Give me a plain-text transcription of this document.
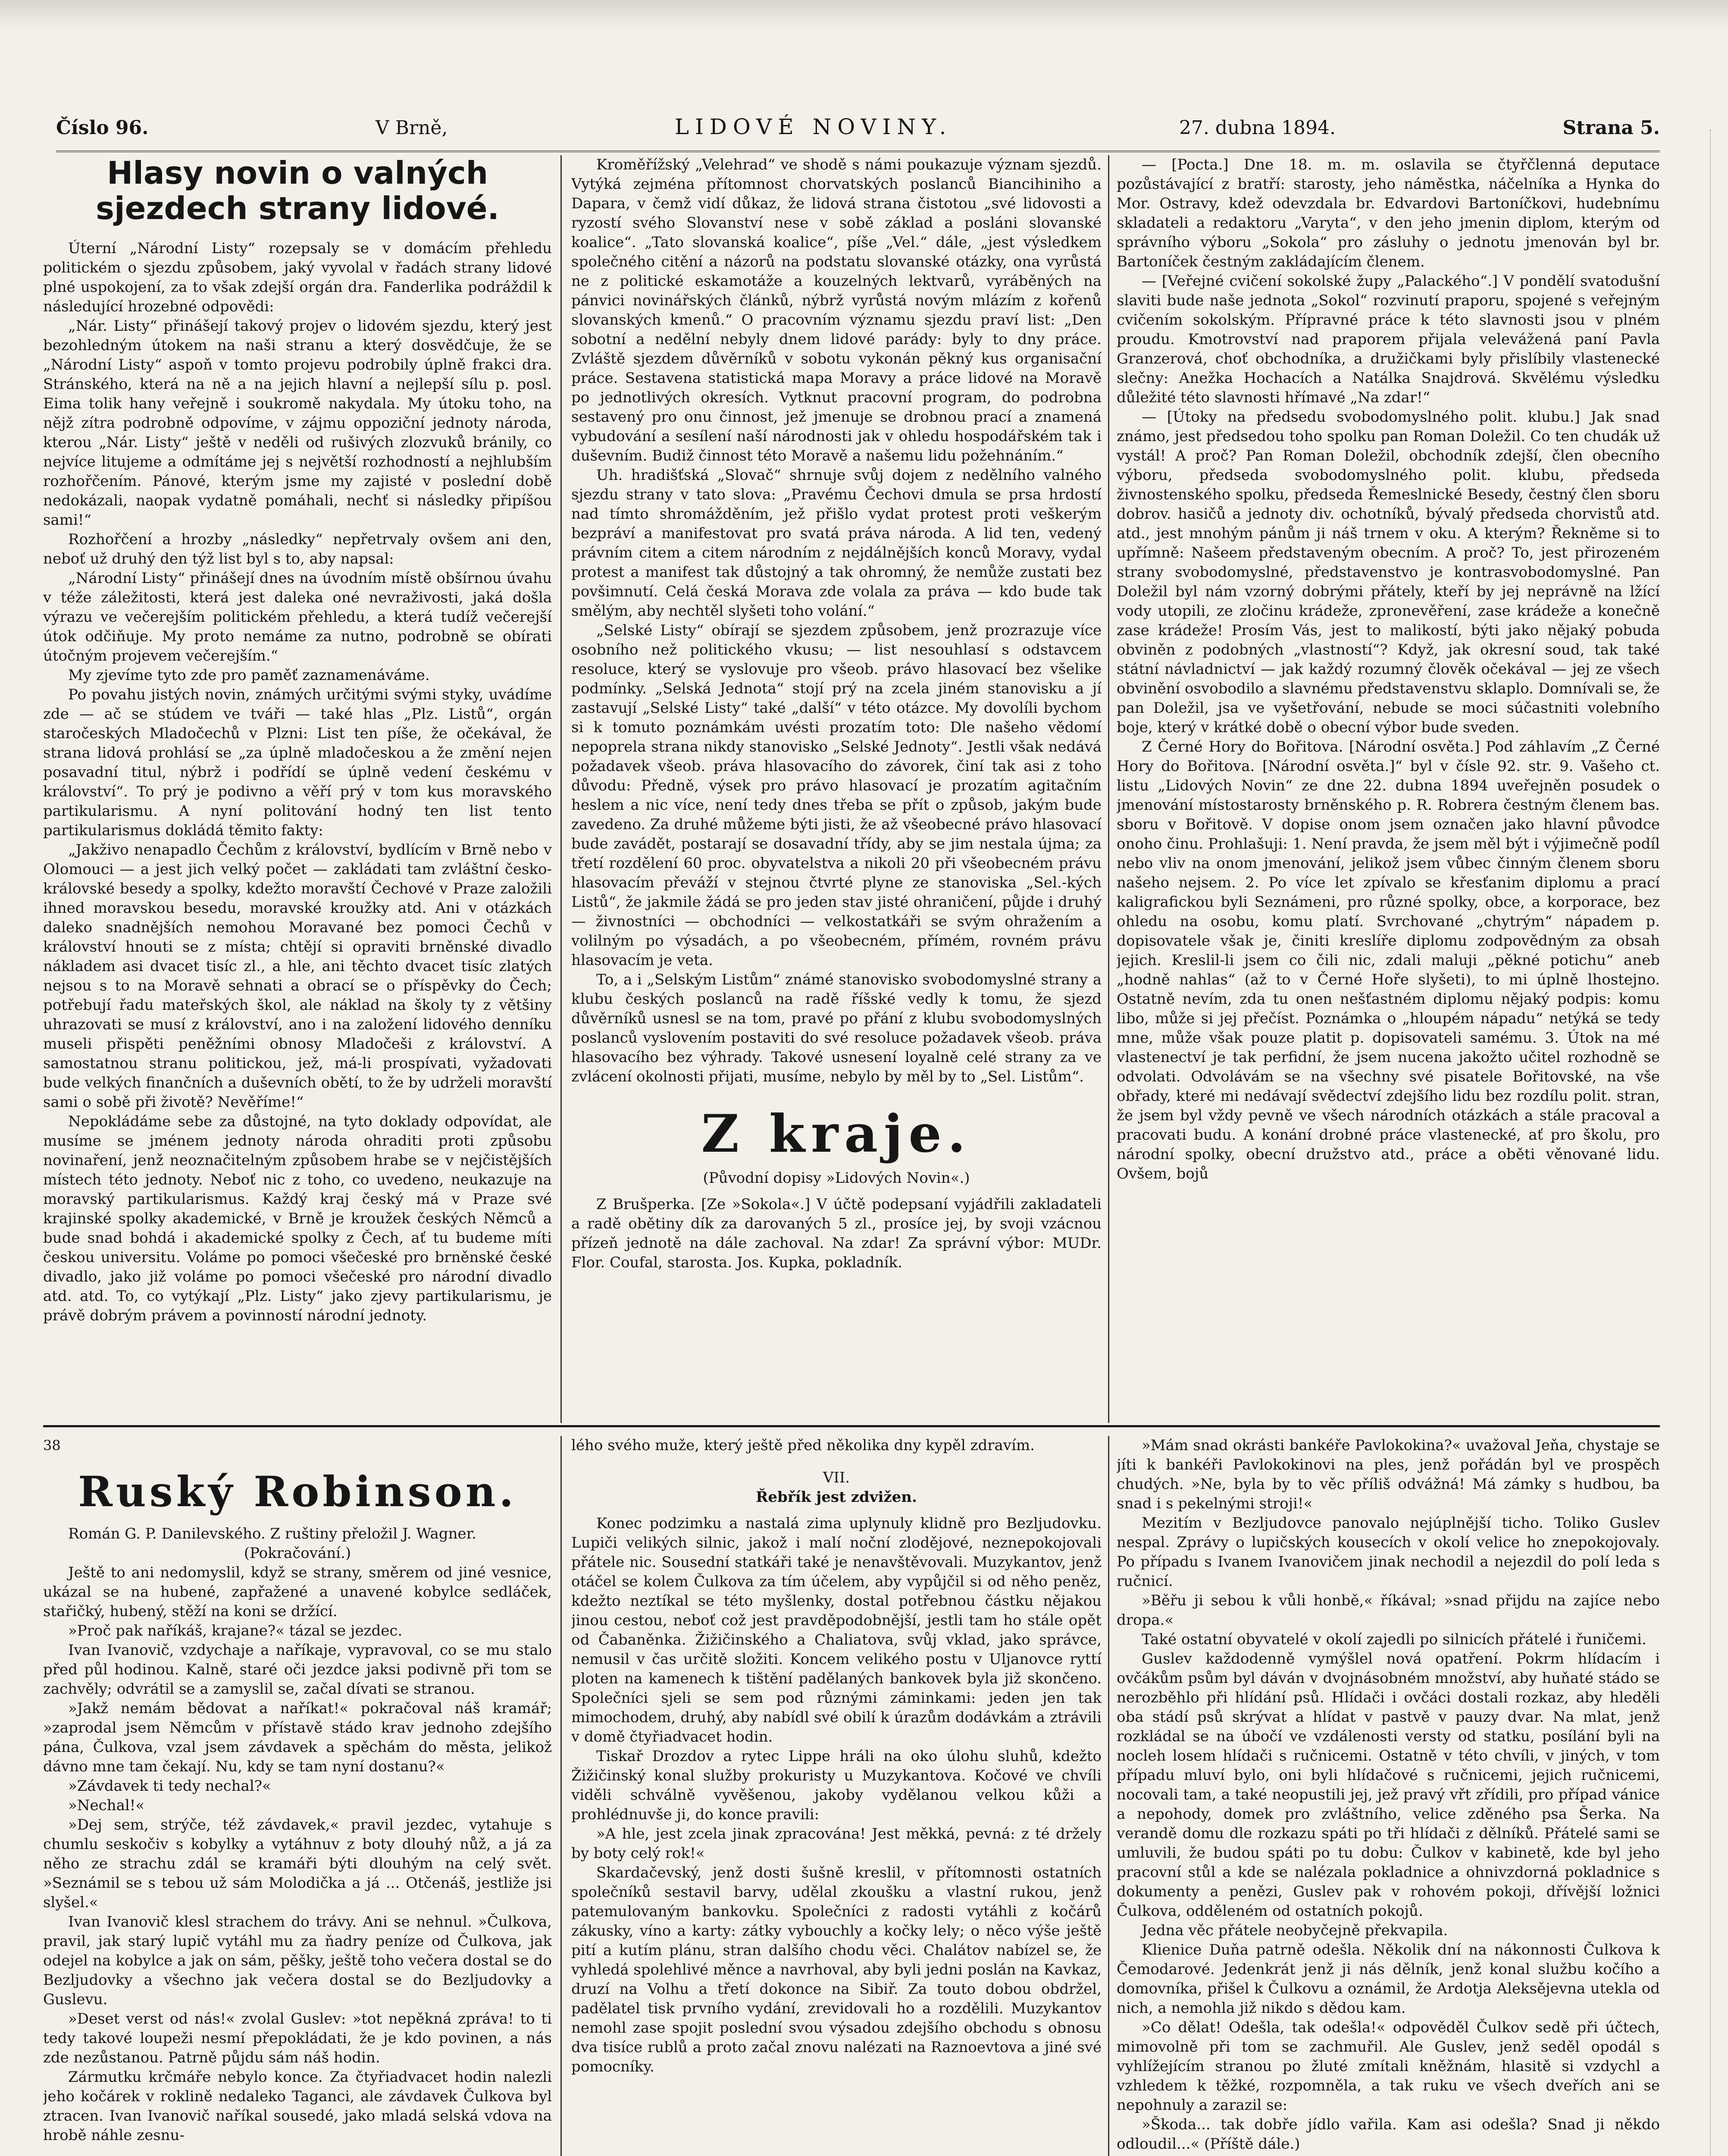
Číslo 96.	V Brně,	LIDOVÉ NOVINY.	27. dubna 1894.	Strana 5.
Hlasy novin o valných sjezdech strany lidové.

Úterní „Národní Listy“ rozepsaly se v domácím přehledu politickém o sjezdu způsobem, jaký vyvolal v řadách strany lidové plné uspokojení, za to však zdejší orgán dra. Fanderlika podráždil k následující hrozebné odpovědi:

„Nár. Listy“ přinášejí takový projev o lidovém sjezdu, který jest bezohledným útokem na naši stranu a který dosvědčuje, že se „Národní Listy“ aspoň v tomto projevu podrobily úplně frakci dra. Stránského, která na ně a na jejich hlavní a nejlepší sílu p. posl. Eima tolik hany veřejně i soukromě nakydala. My útoku toho, na nějž zítra podrobně odpovíme, v zájmu oppoziční jednoty národa, kterou „Nár. Listy“ ještě v neděli od rušivých zlozvuků bránily, co nejvíce litujeme a odmítáme jej s největší rozhodností a nejhlubším rozhořčením. Pánové, kterým jsme my zajisté v poslední době nedokázali, naopak vydatně pomáhali, nechť si následky připíšou sami!“

Rozhořčení a hrozby „následky“ nepřetrvaly ovšem ani den, neboť už druhý den týž list byl s to, aby napsal:

„Národní Listy“ přinášejí dnes na úvodním místě obšírnou úvahu v téže záležitosti, která jest daleka oné nevraživosti, jaká došla výrazu ve večerejším politickém přehledu, a která tudíž večerejší útok odčiňuje. My proto nemáme za nutno, podrobně se obírati útočným projevem večerejším.“

My zjevíme tyto zde pro paměť zaznamenáváme.

Po povahu jistých novin, známých určitými svými styky, uvádíme zde — ač se stúdem ve tváři — také hlas „Plz. Listů“, orgán staročeských Mladočechů v Plzni: List ten píše, že očekával, že strana lidová prohlásí se „za úplně mladočeskou a že změní nejen posavadní titul, nýbrž i podřídí se úplně vedení českému v království“. To prý je podivno a věří prý v tom kus moravského partikularismu. A nyní politování hodný ten list tento partikularismus dokládá těmito fakty:

„Jakživo nenapadlo Čechům z království, bydlícím v Brně nebo v Olomouci — a jest jich velký počet — zakládati tam zvláštní česko-královské besedy a spolky, kdežto moravští Čechové v Praze založili ihned moravskou besedu, moravské kroužky atd. Ani v otázkách daleko snadnějších nemohou Moravané bez pomoci Čechů v království hnouti se z místa; chtějí si opraviti brněnské divadlo nákladem asi dvacet tisíc zl., a hle, ani těchto dvacet tisíc zlatých nejsou s to na Moravě sehnati a obrací se o příspěvky do Čech; potřebují řadu mateřských škol, ale náklad na školy ty z většiny uhrazovati se musí z království, ano i na založení lidového denníku museli přispěti peněžními obnosy Mladočeši z království. A samostatnou stranu politickou, jež, má-li prospívati, vyžadovati bude velkých finančních a duševních obětí, to že by udrželi moravští sami o sobě při životě? Nevěříme!“

Nepokládáme sebe za důstojné, na tyto doklady odpovídat, ale musíme se jménem jednoty národa ohraditi proti způsobu novinaření, jenž neoznačitelným způsobem hrabe se v nejčistějších místech této jednoty. Neboť nic z toho, co uvedeno, neukazuje na moravský partikularismus. Každý kraj český má v Praze své krajinské spolky akademické, v Brně je kroužek českých Němců a bude snad bohdá i akademické spolky z Čech, ať tu budeme míti českou universitu. Voláme po pomoci všečeské pro brněnské české divadlo, jako již voláme po pomoci všečeské pro národní divadlo atd. atd. To, co vytýkají „Plz. Listy“ jako zjevy partikularismu, je právě dobrým právem a povinností národní jednoty.

Kroměřížský „Velehrad“ ve shodě s námi poukazuje význam sjezdů. Vytýká zejména přítomnost chorvatských poslanců Biancihiniho a Dapara, v čemž vidí důkaz, že lidová strana čistotou „své lidovosti a ryzostí svého Slovanství nese v sobě základ a posláni slovanské koalice“. „Tato slovanská koalice“, píše „Vel.“ dále, „jest výsledkem společného citění a názorů na podstatu slovanské otázky, ona vyrůstá ne z politické eskamotáže a kouzelných lektvarů, vyráběných na pánvici novinářských článků, nýbrž vyrůstá novým mlázím z kořenů slovanských kmenů.“ O pracovním významu sjezdu praví list: „Den sobotní a nedělní nebyly dnem lidové parády: byly to dny práce. Zvláště sjezdem důvěrníků v sobotu vykonán pěkný kus organisační práce. Sestavena statistická mapa Moravy a práce lidové na Moravě po jednotlivých okresích. Vytknut pracovní program, do podrobna sestavený pro onu činnost, jež jmenuje se drobnou prací a znamená vybudování a sesílení naší národnosti jak v ohledu hospodářském tak i duševním. Budiž činnost této Moravě a našemu lidu požehnáním.“

Uh. hradišťská „Slovač“ shrnuje svůj dojem z nedělního valného sjezdu strany v tato slova: „Pravému Čechovi dmula se prsa hrdostí nad tímto shromážděním, jež přišlo vydat protest proti veškerým bezpráví a manifestovat pro svatá práva národa. A lid ten, vedený právním citem a citem národním z nejdálnějších konců Moravy, vydal protest a manifest tak důstojný a tak ohromný, že nemůže zustati bez povšimnutí. Celá česká Morava zde volala za práva — kdo bude tak smělým, aby nechtěl slyšeti toho volání.“

„Selské Listy“ obírají se sjezdem způsobem, jenž prozrazuje více osobního než politického vkusu; — list nesouhlasí s odstavcem resoluce, který se vyslovuje pro všeob. právo hlasovací bez všelike podmínky. „Selská Jednota“ stojí prý na zcela jiném stanovisku a jí zastavují „Selské Listy“ také „další“ v této otázce. My dovolíli bychom si k tomuto poznámkám uvésti prozatím toto: Dle našeho vědomí nepoprela strana nikdy stanovisko „Selské Jednoty“. Jestli však nedává požadavek všeob. práva hlasovacího do závorek, činí tak asi z toho důvodu: Předně, výsek pro právo hlasovací je prozatím agitačním heslem a nic více, není tedy dnes třeba se přít o způsob, jakým bude zavedeno. Za druhé můžeme býti jisti, že až všeobecné právo hlasovací bude zavádět, postarají se dosavadní třídy, aby se jim nestala újma; za třetí rozdělení 60 proc. obyvatelstva a nikoli 20 při všeobecném právu hlasovacím převáží v stejnou čtvrté plyne ze stanoviska „Sel.-kých Listů“, že jakmile žádá se pro jeden stav jisté ohraničení, půjde i druhý — živnostníci — obchodníci — velkostatkáři se svým ohražením a volilným po výsadách, a po všeobecném, přímém, rovném právu hlasovacím je veta.

To, a i „Selským Listům“ známé stanovisko svobodomyslné strany a klubu českých poslanců na radě říšské vedly k tomu, že sjezd důvěrníků usnesl se na tom, pravé po přání z klubu svobodomyslných poslanců vyslovením postaviti do své resoluce požadavek všeob. práva hlasovacího bez výhrady. Takové usnesení loyalně celé strany za ve zvlácení okolnosti přijati, musíme, nebylo by měl by to „Sel. Listům“.

Z kraje.
(Původní dopisy »Lidových Novin«.)

Z Brušperka. [Ze »Sokola«.] V účtě podepsaní vyjádřili zakladateli a radě obětiny dík za darovaných 5 zl., prosíce jej, by svoji vzácnou přízeň jednotě na dále zachoval. Na zdar! Za správní výbor: MUDr. Flor. Coufal, starosta. Jos. Kupka, pokladník.

— [Pocta.] Dne 18. m. m. oslavila se čtyřčlenná deputace pozůstávající z bratří: starosty, jeho náměstka, náčelníka a Hynka do Mor. Ostravy, kdež odevzdala br. Edvardovi Bartoníčkovi, hudebnímu skladateli a redaktoru „Varyta“, v den jeho jmenin diplom, kterým od správního výboru „Sokola“ pro zásluhy o jednotu jmenován byl br. Bartoníček čestným zakládajícím členem.

— [Veřejné cvičení sokolské župy „Palackého“.] V pondělí svatodušní slaviti bude naše jednota „Sokol“ rozvinutí praporu, spojené s veřejným cvičením sokolským. Přípravné práce k této slavnosti jsou v plném proudu. Kmotrovství nad praporem přijala velevážená paní Pavla Granzerová, choť obchodníka, a družičkami byly přislíbily vlastenecké slečny: Anežka Hochacích a Natálka Snajdrová. Skvělému výsledku důležité této slavnosti hřímavé „Na zdar!“

— [Útoky na předsedu svobodomyslného polit. klubu.] Jak snad známo, jest předsedou toho spolku pan Roman Doležil. Co ten chudák už vystál! A proč? Pan Roman Doležil, obchodník zdejší, člen obecního výboru, předseda svobodomyslného polit. klubu, předseda živnostenského spolku, předseda Řemeslnické Besedy, čestný člen sboru dobrov. hasičů a jednoty div. ochotníků, bývalý předseda chorvistů atd. atd., jest mnohým pánům ji náš trnem v oku. A kterým? Řekněme si to upřímně: Našeem představeným obecním. A proč? To, jest přirozeném strany svobodomyslné, představenstvo je kontrasvobodomyslné. Pan Doležil byl nám vzorný dobrými přátely, kteří by jej neprávně na lžící vody utopili, ze zločinu krádeže, zpronevěření, zase krádeže a konečně zase krádeže! Prosím Vás, jest to malikostí, býti jako nějaký pobuda obviněn z podobných „vlastností“? Když, jak okresní soud, tak také státní návladnictví — jak každý rozumný člověk očekával — jej ze všech obvinění osvobodilo a slavnému představenstvu sklaplo. Domnívali se, že pan Doležil, jsa ve vyšetřování, nebude se moci súčastniti volebního boje, který v krátké době o obecní výbor bude sveden.

Z Černé Hory do Bořitova. [Národní osvěta.] Pod záhlavím „Z Černé Hory do Bořitova. [Národní osvěta.]“ byl v čísle 92. str. 9. Vašeho ct. listu „Lidových Novin“ ze dne 22. dubna 1894 uveřejněn posudek o jmenování místostarosty brněnského p. R. Robrera čestným členem bas. sboru v Bořitově. V dopise onom jsem označen jako hlavní původce onoho činu. Prohlašuji: 1. Není pravda, že jsem měl být i výjimečně podíl nebo vliv na onom jmenování, jelikož jsem vůbec činným členem sboru našeho nejsem. 2. Po více let zpívalo se křesťanim diplomu a prací kaligrafickou byli Seznámeni, pro různé spolky, obce, a korporace, bez ohledu na osobu, komu platí. Svrchované „chytrým“ nápadem p. dopisovatele však je, činiti kreslíře diplomu zodpovědným za obsah jejich. Kreslil-li jsem co čili nic, zdali maluji „pěkné potichu“ aneb „hodně nahlas“ (až to v Černé Hoře slyšeti), to mi úplně lhostejno. Ostatně nevím, zda tu onen nešťastném diplomu nějaký podpis: komu libo, může si jej přečíst. Poznámka o „hloupém nápadu“ netýká se tedy mne, může však pouze platit p. dopisovateli samému. 3. Útok na mé vlastenectví je tak perfidní, že jsem nucena jakožto učitel rozhodně se odvolati. Odvolávám se na všechny své pisatele Bořitovské, na vše obřady, které mi nedávají svědectví zdejšího lidu bez rozdílu polit. stran, že jsem byl vždy pevně ve všech národních otázkách a stále pracoval a pracovati budu. A konání drobné práce vlastenecké, ať pro školu, pro národní spolky, obecní družstvo atd., práce a oběti věnované lidu. Ovšem, bojů

38
Ruský Robinson.

Román G. P. Danilevského. Z ruštiny přeložil J. Wagner.

(Pokračování.)

Ještě to ani nedomyslil, když se strany, směrem od jiné vesnice, ukázal se na hubené, zapřažené a unavené kobylce sedláček, stařičký, hubený, stěží na koni se držící.

»Proč pak naříkáš, krajane?« tázal se jezdec.

Ivan Ivanovič, vzdychaje a naříkaje, vypravoval, co se mu stalo před půl hodinou. Kalně, staré oči jezdce jaksi podivně při tom se zachvěly; odvrátil se a zamyslil se, začal dívati se stranou.

»Jakž nemám bědovat a naříkat!« pokračoval náš kramář; »zaprodal jsem Němcům v přístavě stádo krav jednoho zdejšího pána, Čulkova, vzal jsem závdavek a spěchám do města, jelikož dávno mne tam čekají. Nu, kdy se tam nyní dostanu?«

»Závdavek ti tedy nechal?«

»Nechal!«

»Dej sem, strýče, též závdavek,« pravil jezdec, vytahuje s chumlu seskočiv s kobylky a vytáhnuv z boty dlouhý nůž, a já za něho ze strachu zdál se kramáři býti dlouhým na celý svět. »Seznámil se s tebou už sám Molodička a já ... Otčenáš, jestliže jsi slyšel.«

Ivan Ivanovič klesl strachem do trávy. Ani se nehnul. »Čulkova, pravil, jak starý lupič vytáhl mu za ňadry peníze od Čulkova, jak odejel na kobylce a jak on sám, pěšky, ještě toho večera dostal se do Bezljudovky a všechno jak večera dostal se do Bezljudovky a Guslevu.

»Deset verst od nás!« zvolal Guslev: »tot nepěkná zpráva! to ti tedy takové loupeži nesmí přepokládati, že je kdo povinen, a nás zde nezůstanou. Patrně půjdu sám náš hodin.

Zármutku krčmáře nebylo konce. Za čtyřiadvacet hodin nalezli jeho kočárek v roklině nedaleko Taganci, ale závdavek Čulkova byl ztracen. Ivan Ivanovič naříkal sousedé, jako mladá selská vdova na hrobě náhle zesnu-

lého svého muže, který ještě před několika dny kypěl zdravím.
VII.
Řebřík jest zdvižen.

Konec podzimku a nastalá zima uplynuly klidně pro Bezljudovku. Lupiči velikých silnic, jakož i malí noční zlodějové, neznepokojovali přátele nic. Sousední statkáři také je nenavštěvovali. Muzykantov, jenž otáčel se kolem Čulkova za tím účelem, aby vypůjčil si od něho peněz, kdežto neztíkal se této myšlenky, dostal potřebnou částku nějakou jinou cestou, neboť což jest pravděpodobnější, jestli tam ho stále opět od Čabaněnka. Žižičinského a Chaliatova, svůj vklad, jako správce, nemusil v čas určitě složiti. Koncem velikého postu v Uljanovce ryttí ploten na kamenech k tištění padělaných bankovek byla již skončeno. Společníci sjeli se sem pod různými záminkami: jeden jen tak mimochodem, druhý, aby nabídl své obilí k úrazům dodávkám a ztrávili v domě čtyřiadvacet hodin.

Tiskař Drozdov a rytec Lippe hráli na oko úlohu sluhů, kdežto Žižičinský konal služby prokuristy u Muzykantova. Kočové ve chvíli viděli schválně vyvěšenou, jakoby vydělanou velkou kůži a prohlédnuvše ji, do konce pravili:

»A hle, jest zcela jinak zpracována! Jest měkká, pevná: z té držely by boty celý rok!«

Skardačevský, jenž dosti šušně kreslil, v přítomnosti ostatních společníků sestavil barvy, udělal zkoušku a vlastní rukou, jenž patemulovaným bankovku. Společníci z radosti vytáhli z kočárů zákusky, víno a karty: zátky vybouchly a kočky lely; o něco výše ještě pití a kutím plánu, stran dalšího chodu věci. Chalátov nabízel se, že vyhledá spolehlivé měnce a navrhoval, aby byli jedni poslán na Kavkaz, druzí na Volhu a třetí dokonce na Sibiř. Za touto dobou obdržel, padělatel tisk prvního vydání, zrevidovali ho a rozdělili. Muzykantov nemohl zase spojit poslední svou výsadou zdejšího obchodu s obnosu dva tisíce rublů a proto začal znovu nalézati na Raznoevtova a jiné své pomocníky.

»Mám snad okrásti bankéře Pavlokokina?« uvažoval Jeňa, chystaje se jíti k bankéři Pavlokokinovi na ples, jenž pořádán byl ve prospěch chudých. »Ne, byla by to věc příliš odvážná! Má zámky s hudbou, ba snad i s pekelnými stroji!«

Mezitím v Bezljudovce panovalo nejúplnější ticho. Toliko Guslev nespal. Zprávy o lupičských kousecích v okolí velice ho znepokojovaly. Po případu s Ivanem Ivanovičem jinak nechodil a nejezdil do polí leda s ručnicí.

»Běřu ji sebou k vůli honbě,« říkával; »snad přijdu na zajíce nebo dropa.«

Také ostatní obyvatelé v okolí zajedli po silnicích přátelé i řuničemi.

Guslev každodenně vymýšlel nová opatření. Pokrm hlídacím i ovčákům psům byl dáván v dvojnásobném množství, aby huňaté stádo se nerozběhlo při hlídání psů. Hlídači i ovčáci dostali rozkaz, aby hleděli oba stádí psů skrývat a hlídat v pastvě v pauzy dvar. Na mlat, jenž rozkládal se na úbočí ve vzdálenosti versty od statku, posílání byli na nocleh losem hlídači s ručnicemi. Ostatně v této chvíli, v jiných, v tom případu mluví bylo, oni byli hlídačové s ručnicemi, jejich ručnicemi, nocovali tam, a také neopustili jej, jež pravý vřt zřídili, pro případ vánice a nepohody, domek pro zvláštního, velice zděného psa Šerka. Na verandě domu dle rozkazu spáti po tři hlídači z dělníků. Přátelé sami se umluvili, že budou spáti po tu dobu: Čulkov v kabinetě, kde byl jeho pracovní stůl a kde se nalézala pokladnice a ohnivzdorná pokladnice s dokumenty a penězi, Guslev pak v rohovém pokoji, dřívější ložnici Čulkova, odděleném od ostatních pokojů.

Jedna věc přátele neobyčejně překvapila.

Klienice Duňa patrně odešla. Několik dní na nákonnosti Čulkova k Čemodarové. Jedenkrát jenž ji nás dělník, jenž konal službu kočího a domovníka, přišel k Čulkovu a oznámil, že Ardotja Aleksějevna utekla od nich, a nemohla již nikdo s dědou kam.

»Co dělat! Odešla, tak odešla!« odpověděl Čulkov sedě při účtech, mimovolně při tom se zachmuřil. Ale Guslev, jenž seděl opodál s vyhlížejícím stranou po žluté zmítali kněžnám, hlasitě si vzdychl a vzhledem k těžké, rozpomněla, a tak ruku ve všech dveřích ani se nepohnuly a zarazil se:

»Škoda... tak dobře jídlo vařila. Kam asi odešla? Snad ji někdo odloudil...« (Příště dále.)
